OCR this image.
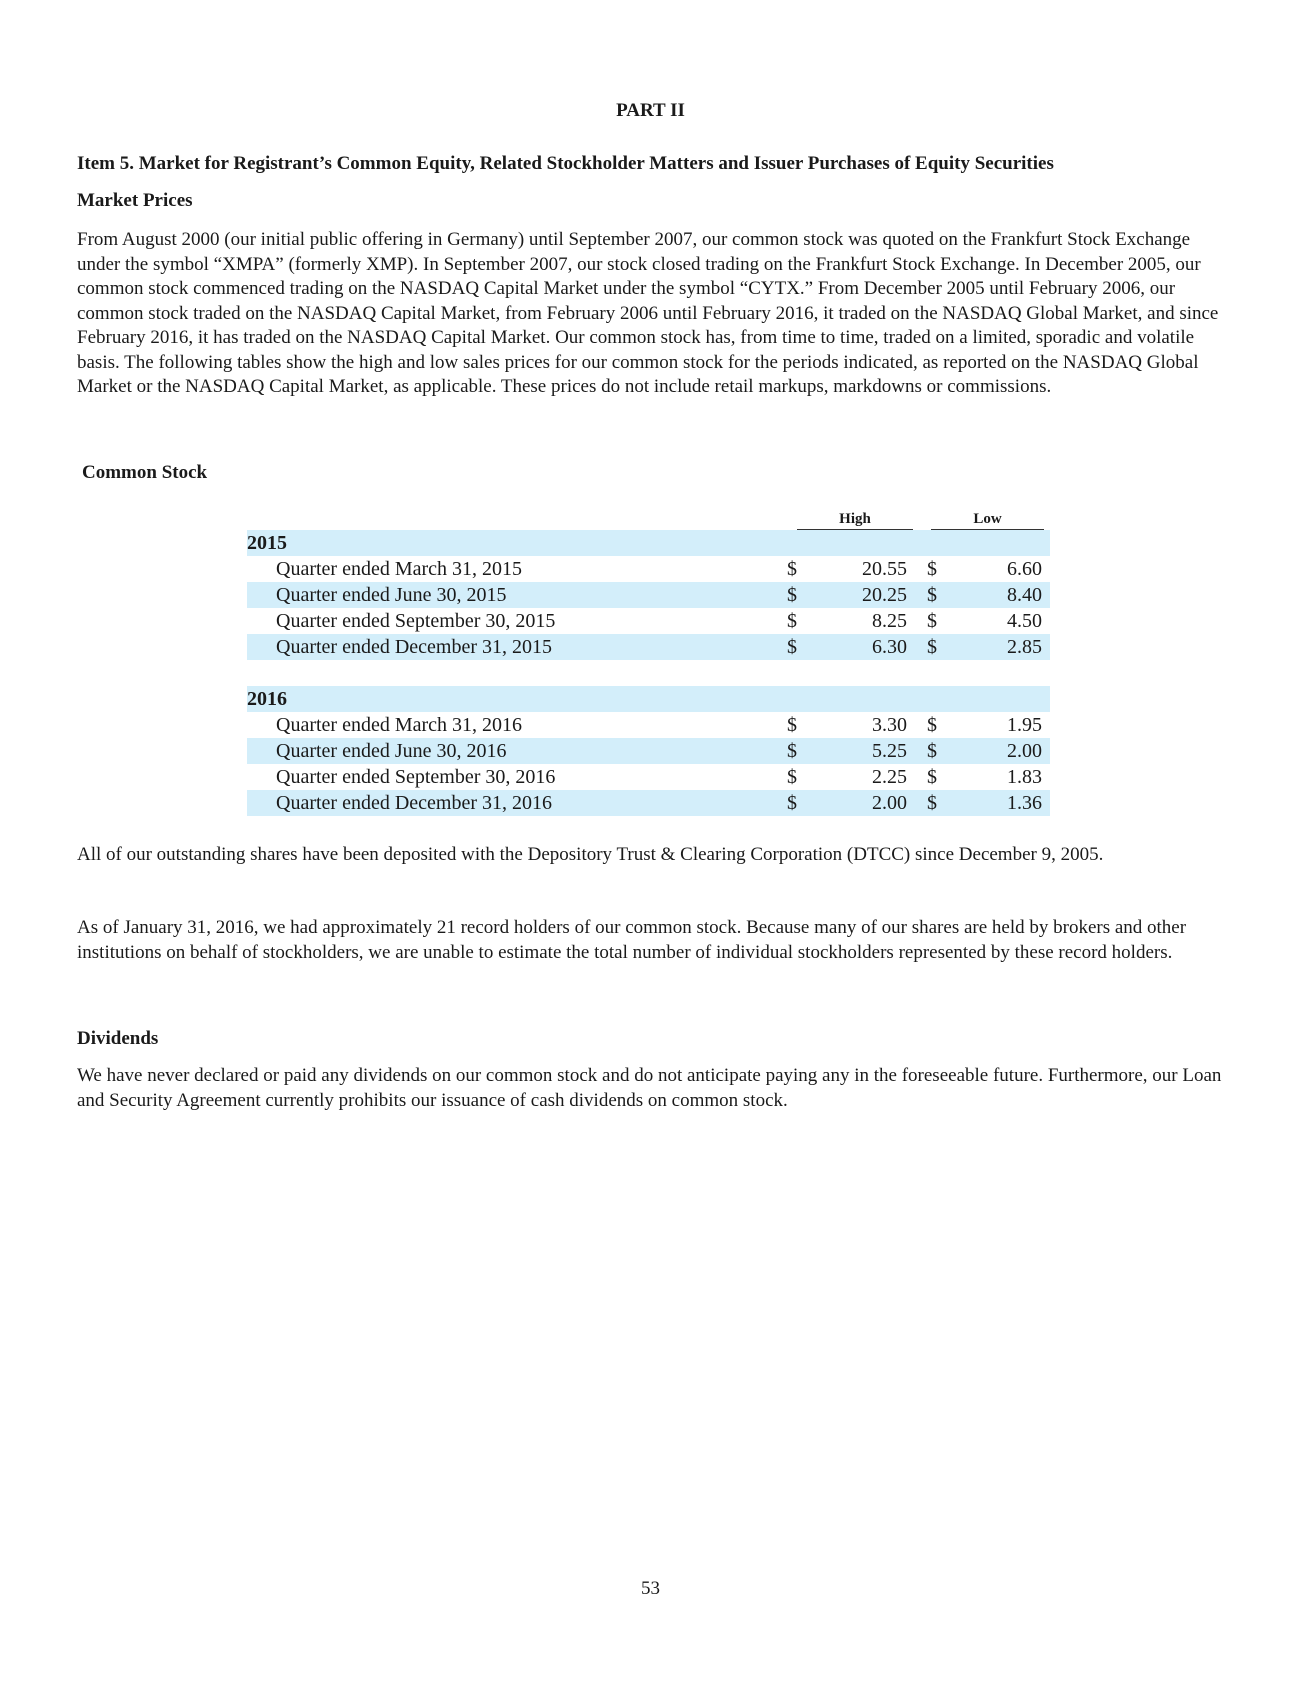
PART II
Item 5. Market for Registrant’s Common Equity, Related Stockholder Matters and Issuer Purchases of Equity Securities
Market Prices
From August 2000 (our initial public offering in Germany) until September 2007, our common stock was quoted on the Frankfurt Stock Exchange under the symbol “XMPA” (formerly XMP). In September 2007, our stock closed trading on the Frankfurt Stock Exchange. In December 2005, our common stock commenced trading on the NASDAQ Capital Market under the symbol “CYTX.” From December 2005 until February 2006, our common stock traded on the NASDAQ Capital Market, from February 2006 until February 2016, it traded on the NASDAQ Global Market, and since February 2016, it has traded on the NASDAQ Capital Market. Our common stock has, from time to time, traded on a limited, sporadic and volatile basis. The following tables show the high and low sales prices for our common stock for the periods indicated, as reported on the NASDAQ Global Market or the NASDAQ Capital Market, as applicable. These prices do not include retail markups, markdowns or commissions.
Common Stock
High	Low
2015
Quarter ended March 31, 2015	$	20.55 $	6.60
Quarter ended June 30, 2015	$	20.25 $	8.40
Quarter ended September 30, 2015	$	8.25 $	4.50
Quarter ended December 31, 2015	$	6.30 $	2.85
2016
Quarter ended March 31, 2016	$	3.30 $	1.95
Quarter ended June 30, 2016	$	5.25 $	2.00
Quarter ended September 30, 2016	$	2.25 $	1.83
Quarter ended December 31, 2016	$	2.00 $	1.36
All of our outstanding shares have been deposited with the Depository Trust & Clearing Corporation (DTCC) since December 9, 2005.
As of January 31, 2016, we had approximately 21 record holders of our common stock. Because many of our shares are held by brokers and other institutions on behalf of stockholders, we are unable to estimate the total number of individual stockholders represented by these record holders.
Dividends
We have never declared or paid any dividends on our common stock and do not anticipate paying any in the foreseeable future. Furthermore, our Loan and Security Agreement currently prohibits our issuance of cash dividends on common stock.
53
